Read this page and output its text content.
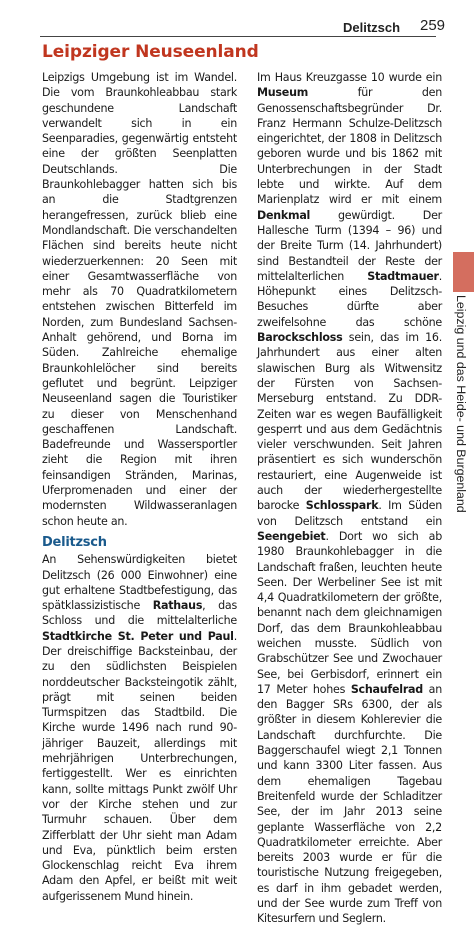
Delitzsch 259
Leipziger Neuseenland

Leipzigs Umgebung ist im Wandel. Die vom Braunkohleabbau stark geschundene Landschaft verwandelt sich in ein Seenparadies, gegenwärtig entsteht eine der größten Seenplatten Deutschlands. Die Braunkohlebagger hatten sich bis an die Stadtgrenzen herangefressen, zurück blieb eine Mondlandschaft. Die verschandelten Flächen sind bereits heute nicht wiederzuerkennen: 20 Seen mit einer Gesamtwasserfläche von mehr als 70 Quadratkilometern entstehen zwischen Bitterfeld im Norden, zum Bundesland Sachsen-Anhalt gehörend, und Borna im Süden. Zahlreiche ehemalige Braunkohlelöcher sind bereits geflutet und begrünt. Leipziger Neuseenland sagen die Touristiker zu dieser von Menschenhand geschaffenen Landschaft. Badefreunde und Wassersportler zieht die Region mit ihren feinsandigen Stränden, Marinas, Uferpromenaden und einer der modernsten Wildwasseranlagen schon heute an.

Delitzsch

An Sehenswürdigkeiten bietet Delitzsch (26 000 Einwohner) eine gut erhaltene Stadtbefestigung, das spätklassizistische Rathaus, das Schloss und die mittelalterliche Stadtkirche St. Peter und Paul. Der dreischiffige Backsteinbau, der zu den südlichsten Beispielen norddeutscher Backsteingotik zählt, prägt mit seinen beiden Turmspitzen das Stadtbild. Die Kirche wurde 1496 nach rund 90-jähriger Bauzeit, allerdings mit mehrjährigen Unterbrechungen, fertiggestellt. Wer es einrichten kann, sollte mittags Punkt zwölf Uhr vor der Kirche stehen und zur Turmuhr schauen. Über dem Zifferblatt der Uhr sieht man Adam und Eva, pünktlich beim ersten Glockenschlag reicht Eva ihrem Adam den Apfel, er beißt mit weit aufgerissenem Mund hinein.

Im Haus Kreuzgasse 10 wurde ein Museum für den Genossenschaftsbegründer Dr. Franz Hermann Schulze-Delitzsch eingerichtet, der 1808 in Delitzsch geboren wurde und bis 1862 mit Unterbrechungen in der Stadt lebte und wirkte. Auf dem Marienplatz wird er mit einem Denkmal gewürdigt. Der Hallesche Turm (1394 – 96) und der Breite Turm (14. Jahrhundert) sind Bestandteil der Reste der mittelalterlichen Stadtmauer. Höhepunkt eines Delitzsch-Besuches dürfte aber zweifelsohne das schöne Barockschloss sein, das im 16. Jahrhundert aus einer alten slawischen Burg als Witwensitz der Fürsten von Sachsen-Merseburg entstand. Zu DDR-Zeiten war es wegen Baufälligkeit gesperrt und aus dem Gedächtnis vieler verschwunden. Seit Jahren präsentiert es sich wunderschön restauriert, eine Augenweide ist auch der wiederhergestellte barocke Schlosspark. Im Süden von Delitzsch entstand ein Seengebiet. Dort wo sich ab 1980 Braunkohlebagger in die Landschaft fraßen, leuchten heute Seen. Der Werbeliner See ist mit 4,4 Quadratkilometern der größte, benannt nach dem gleichnamigen Dorf, das dem Braunkohleabbau weichen musste. Südlich von Grabschützer See und Zwochauer See, bei Gerbisdorf, erinnert ein 17 Meter hohes Schaufelrad an den Bagger SRs 6300, der als größter in diesem Kohlerevier die Landschaft durchfurchte. Die Baggerschaufel wiegt 2,1 Tonnen und kann 3300 Liter fassen. Aus dem ehemaligen Tagebau Breitenfeld wurde der Schladitzer See, der im Jahr 2013 seine geplante Wasserfläche von 2,2 Quadratkilometer erreichte. Aber bereits 2003 wurde er für die touristische Nutzung freigegeben, es darf in ihm gebadet werden, und der See wurde zum Treff von Kitesurfern und Seglern.

Leipzig und das Heide- und Burgenland
